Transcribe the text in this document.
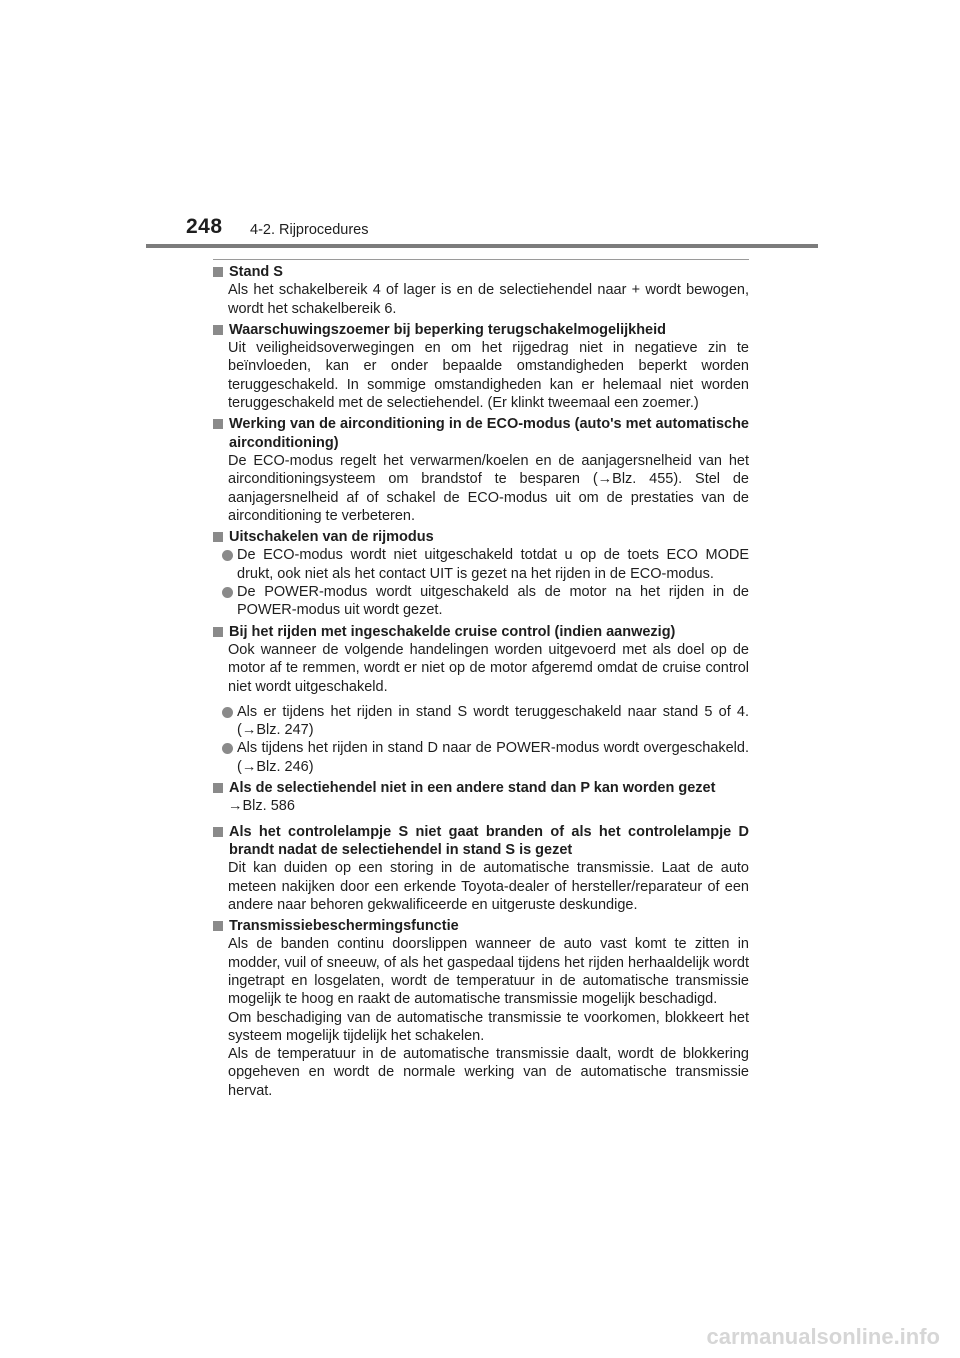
248 4-2. Rijprocedures
Stand S
Als het schakelbereik 4 of lager is en de selectiehendel naar + wordt bewogen, wordt het schakelbereik 6.
Waarschuwingszoemer bij beperking terugschakelmogelijkheid
Uit veiligheidsoverwegingen en om het rijgedrag niet in negatieve zin te beïnvloeden, kan er onder bepaalde omstandigheden beperkt worden teruggeschakeld. In sommige omstandigheden kan er helemaal niet worden teruggeschakeld met de selectiehendel. (Er klinkt tweemaal een zoemer.)
Werking van de airconditioning in de ECO-modus (auto's met automatische airconditioning)
De ECO-modus regelt het verwarmen/koelen en de aanjagersnelheid van het airconditioningsysteem om brandstof te besparen (→Blz. 455). Stel de aanjagersnelheid af of schakel de ECO-modus uit om de prestaties van de airconditioning te verbeteren.
Uitschakelen van de rijmodus
De ECO-modus wordt niet uitgeschakeld totdat u op de toets ECO MODE drukt, ook niet als het contact UIT is gezet na het rijden in de ECO-modus.
De POWER-modus wordt uitgeschakeld als de motor na het rijden in de POWER-modus uit wordt gezet.
Bij het rijden met ingeschakelde cruise control (indien aanwezig)
Ook wanneer de volgende handelingen worden uitgevoerd met als doel op de motor af te remmen, wordt er niet op de motor afgeremd omdat de cruise control niet wordt uitgeschakeld.
Als er tijdens het rijden in stand S wordt teruggeschakeld naar stand 5 of 4. (→Blz. 247)
Als tijdens het rijden in stand D naar de POWER-modus wordt overgeschakeld. (→Blz. 246)
Als de selectiehendel niet in een andere stand dan P kan worden gezet
→Blz. 586
Als het controlelampje S niet gaat branden of als het controlelampje D brandt nadat de selectiehendel in stand S is gezet
Dit kan duiden op een storing in de automatische transmissie. Laat de auto meteen nakijken door een erkende Toyota-dealer of hersteller/reparateur of een andere naar behoren gekwalificeerde en uitgeruste deskundige.
Transmissiebeschermingsfunctie
Als de banden continu doorslippen wanneer de auto vast komt te zitten in modder, vuil of sneeuw, of als het gaspedaal tijdens het rijden herhaaldelijk wordt ingetrapt en losgelaten, wordt de temperatuur in de automatische transmissie mogelijk te hoog en raakt de automatische transmissie mogelijk beschadigd.
Om beschadiging van de automatische transmissie te voorkomen, blokkeert het systeem mogelijk tijdelijk het schakelen.
Als de temperatuur in de automatische transmissie daalt, wordt de blokkering opgeheven en wordt de normale werking van de automatische transmissie hervat.
carmanualsonline.info
